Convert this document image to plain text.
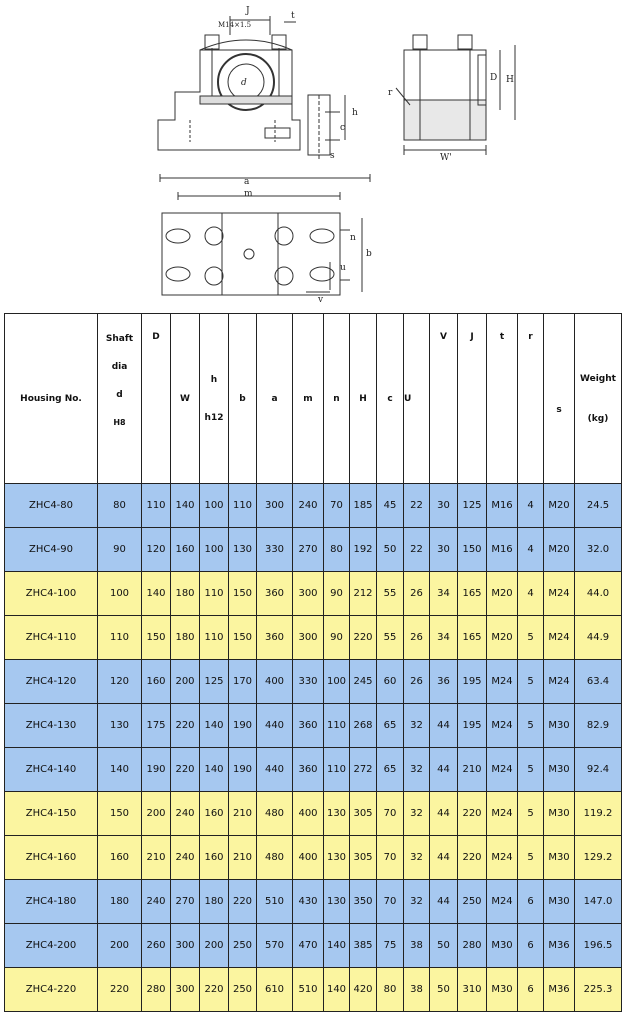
J
M14×1.5
t
d	D H
h
c
s
r
W'
a
m
n
b
u
v
Housing No.	Shaft
dia
d
H8	D	W	h
h12	b	a	m	n	H	c	U	V	J	t	r	s	Weight
(kg)

ZHC4-80	80	110	140	100	110	300	240	70	185	45	22	30	125	M16	4	M20	24.5
ZHC4-90	90	120	160	100	130	330	270	80	192	50	22	30	150	M16	4	M20	32.0
ZHC4-100	100	140	180	110	150	360	300	90	212	55	26	34	165	M20	4	M24	44.0
ZHC4-110	110	150	180	110	150	360	300	90	220	55	26	34	165	M20	5	M24	44.9
ZHC4-120	120	160	200	125	170	400	330	100	245	60	26	36	195	M24	5	M24	63.4
ZHC4-130	130	175	220	140	190	440	360	110	268	65	32	44	195	M24	5	M30	82.9
ZHC4-140	140	190	220	140	190	440	360	110	272	65	32	44	210	M24	5	M30	92.4
ZHC4-150	150	200	240	160	210	480	400	130	305	70	32	44	220	M24	5	M30	119.2
ZHC4-160	160	210	240	160	210	480	400	130	305	70	32	44	220	M24	5	M30	129.2
ZHC4-180	180	240	270	180	220	510	430	130	350	70	32	44	250	M24	6	M30	147.0
ZHC4-200	200	260	300	200	250	570	470	140	385	75	38	50	280	M30	6	M36	196.5
ZHC4-220	220	280	300	220	250	610	510	140	420	80	38	50	310	M30	6	M36	225.3
